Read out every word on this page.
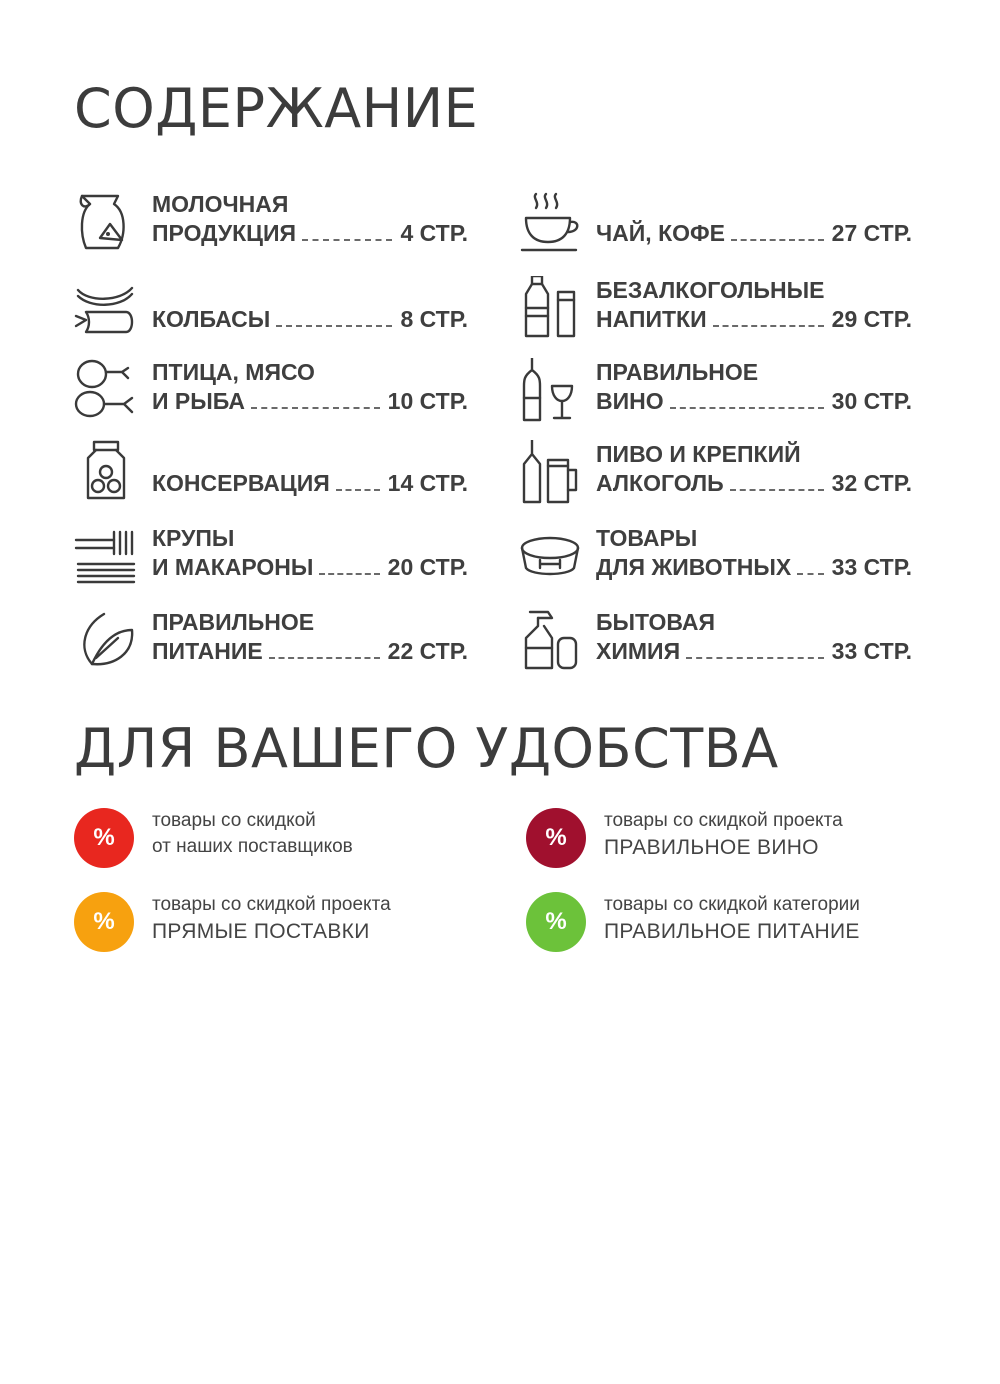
СОДЕРЖАНИЕ
МОЛОЧНАЯ
ПРОДУКЦИЯ	4 СТР.
КОЛБАСЫ	8 СТР.
ПТИЦА, МЯСО
И РЫБА	10 СТР.
КОНСЕРВАЦИЯ	14 СТР.
КРУПЫ
И МАКАРОНЫ	20 СТР.
ПРАВИЛЬНОЕ
ПИТАНИЕ	22 СТР.
ЧАЙ, КОФЕ	27 СТР.
БЕЗАЛКОГОЛЬНЫЕ
НАПИТКИ	29 СТР.
ПРАВИЛЬНОЕ
ВИНО	30 СТР.
ПИВО И КРЕПКИЙ
АЛКОГОЛЬ	32 СТР.
ТОВАРЫ
ДЛЯ ЖИВОТНЫХ 33 СТР.
БЫТОВАЯ
ХИМИЯ	33 СТР.
ДЛЯ ВАШЕГО УДОБСТВА
%
товары со скидкой
от наших поставщиков	%
товары со скидкой проекта
ПРАВИЛЬНОЕ ВИНО
%
товары со скидкой проекта
ПРЯМЫЕ ПОСТАВКИ	%
товары со скидкой категории
ПРАВИЛЬНОЕ ПИТАНИЕ
